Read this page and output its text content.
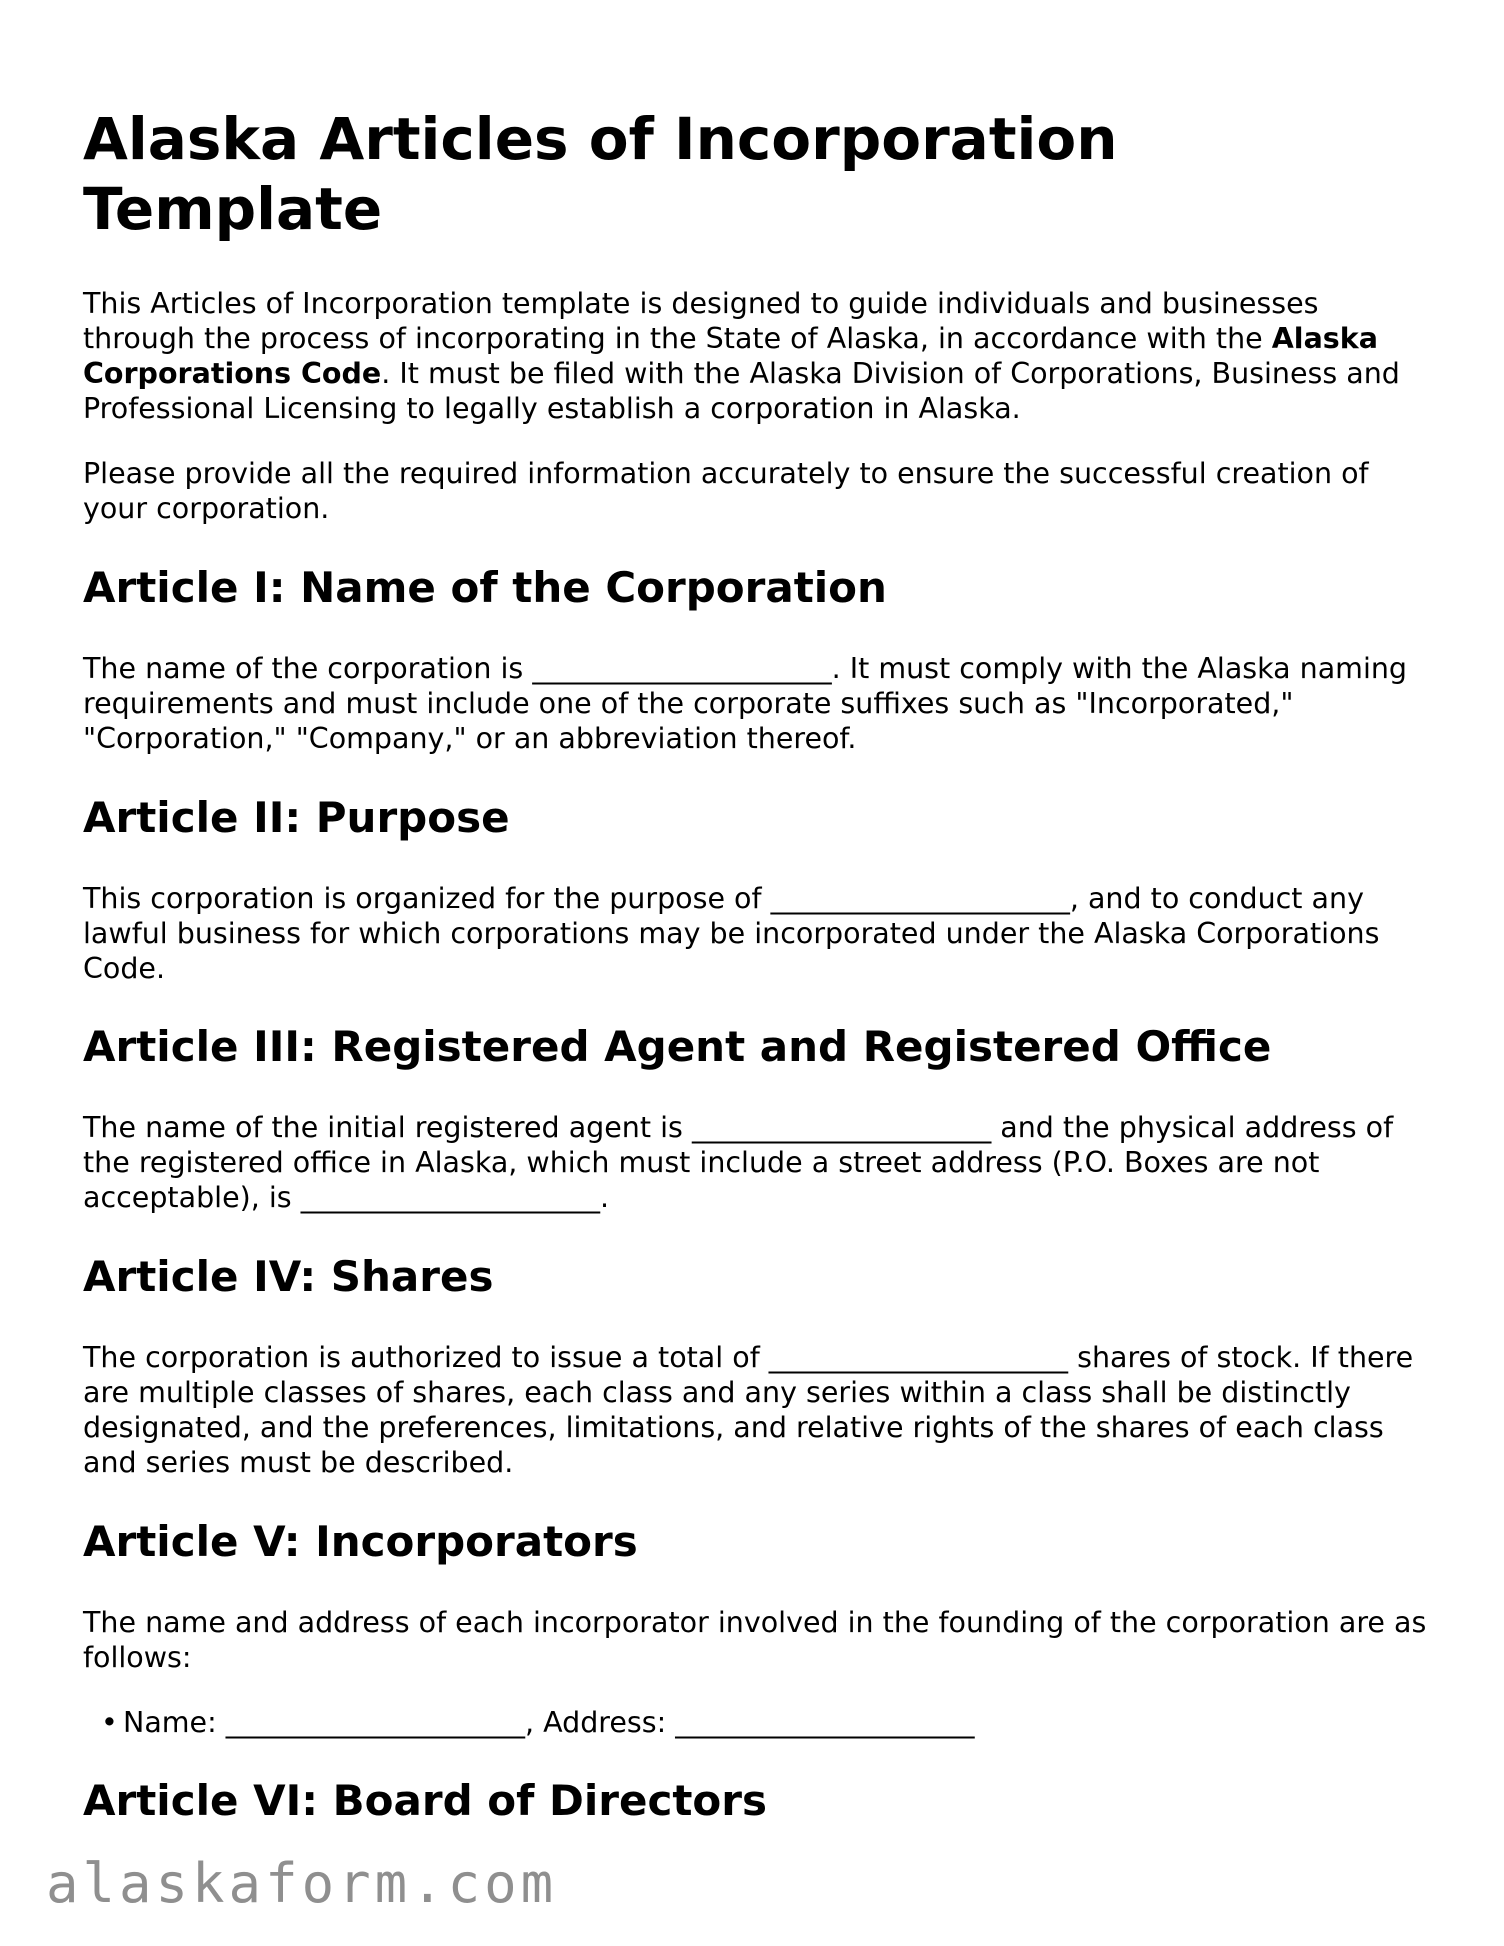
Alaska Articles of Incorporation Template

This Articles of Incorporation template is designed to guide individuals and businesses through the process of incorporating in the State of Alaska, in accordance with the Alaska Corporations Code. It must be filed with the Alaska Division of Corporations, Business and Professional Licensing to legally establish a corporation in Alaska.

Please provide all the required information accurately to ensure the successful creation of your corporation.

Article I: Name of the Corporation

The name of the corporation is _____________________. It must comply with the Alaska naming requirements and must include one of the corporate suffixes such as "Incorporated," "Corporation," "Company," or an abbreviation thereof.

Article II: Purpose

This corporation is organized for the purpose of _____________________, and to conduct any lawful business for which corporations may be incorporated under the Alaska Corporations Code.

Article III: Registered Agent and Registered Office

The name of the initial registered agent is _____________________ and the physical address of the registered office in Alaska, which must include a street address (P.O. Boxes are not acceptable), is _____________________.

Article IV: Shares

The corporation is authorized to issue a total of _____________________ shares of stock. If there are multiple classes of shares, each class and any series within a class shall be distinctly designated, and the preferences, limitations, and relative rights of the shares of each class and series must be described.

Article V: Incorporators

The name and address of each incorporator involved in the founding of the corporation are as follows:

• Name: _____________________, Address: _____________________
Article VI: Board of Directors
alaskaform.com
